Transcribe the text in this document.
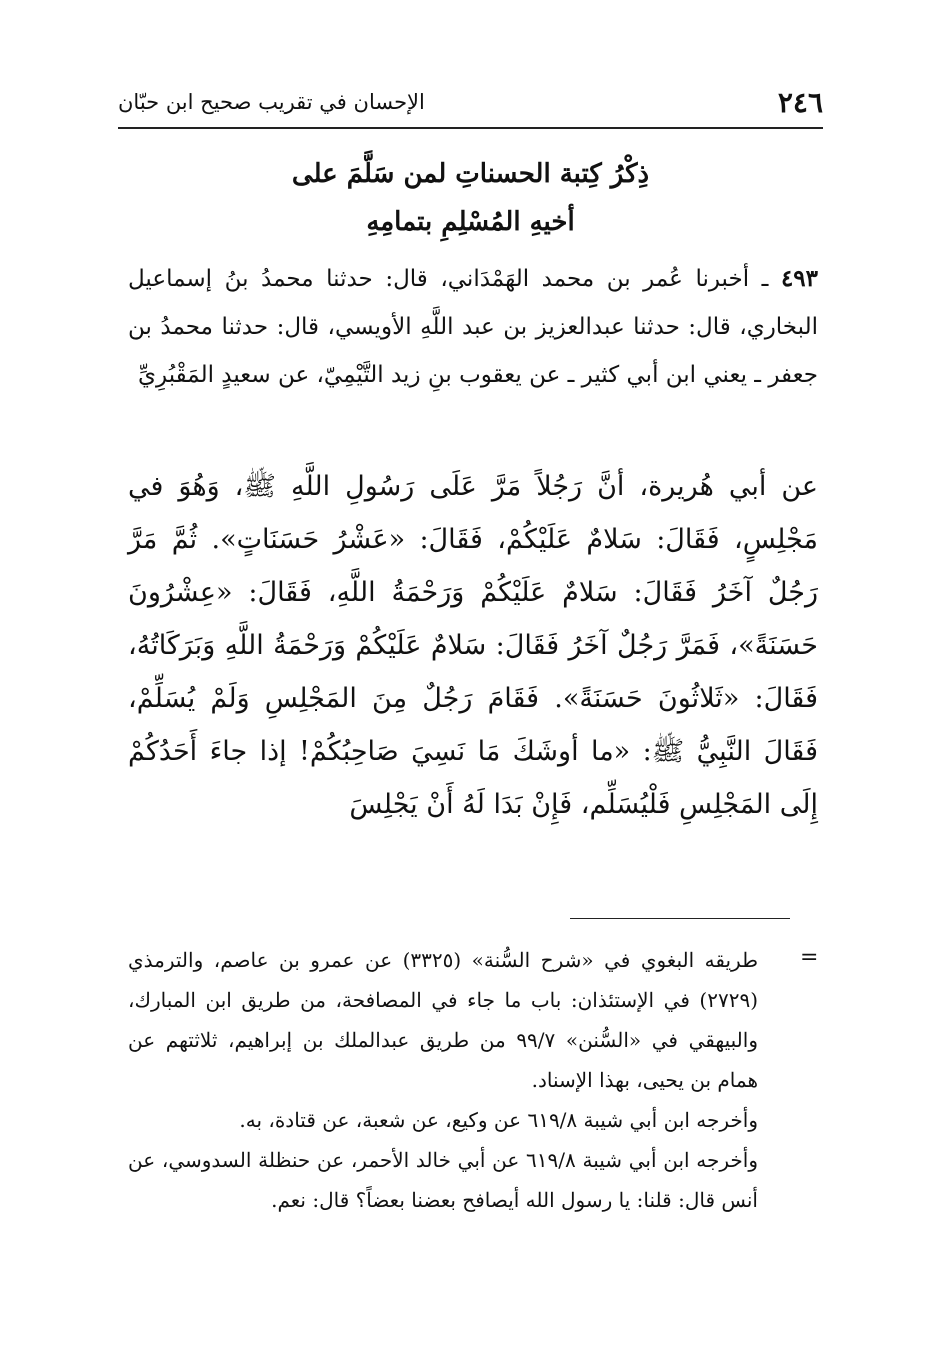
٢٤٦
الإحسان في تقريب صحيح ابن حبّان
ذِكْرُ كِتبة الحسناتِ لمن سَلَّمَ على
أخيهِ المُسْلِمِ بتمامِهِ
٤٩٣ ـ أخبرنا عُمر بن محمد الهَمْدَاني، قال: حدثنا محمدُ بنُ إسماعيل البخاري، قال: حدثنا عبدالعزيز بن عبد اللَّهِ الأويسي، قال: حدثنا محمدُ بن جعفر ـ يعني ابن أبي كثير ـ عن يعقوب بنِ زيد التَّيْمِيّ، عن سعيدٍ المَقْبُرِيِّ
عن أبي هُريرة، أنَّ رَجُلاً مَرَّ عَلَى رَسُولِ اللَّهِ ﷺ، وَهُوَ في مَجْلِسٍ، فَقَالَ: سَلامٌ عَلَيْكُمْ، فَقَالَ: «عَشْرُ حَسَنَاتٍ». ثُمَّ مَرَّ رَجُلٌ آخَرُ فَقَالَ: سَلامٌ عَلَيْكُمْ وَرَحْمَةُ اللَّهِ، فَقَالَ: «عِشْرُونَ حَسَنَةً»، فَمَرَّ رَجُلٌ آخَرُ فَقَالَ: سَلامٌ عَلَيْكُمْ وَرَحْمَةُ اللَّهِ وَبَرَكَاتُهُ، فَقَالَ: «ثَلاثُونَ حَسَنَةً». فَقَامَ رَجُلٌ مِنَ المَجْلِسِ وَلَمْ يُسَلِّمْ، فَقَالَ النَّبِيُّ ﷺ: «ما أوشَكَ مَا نَسِيَ صَاحِبُكُمْ! إذا جاءَ أَحَدُكُمْ إِلَى المَجْلِسِ فَلْيُسَلِّم، فَإِنْ بَدَا لَهُ أَنْ يَجْلِسَ
=

طريقه البغوي في «شرح السُّنة» (٣٣٢٥) عن عمرو بن عاصم، والترمذي (٢٧٢٩) في الإستئذان: باب ما جاء في المصافحة، من طريق ابن المبارك، والبيهقي في «السُّنن» ٩٩/٧ من طريق عبدالملك بن إبراهيم، ثلاثتهم عن همام بن يحيى، بهذا الإسناد.

وأخرجه ابن أبي شيبة ٦١٩/٨ عن وكيع، عن شعبة، عن قتادة، به.

وأخرجه ابن أبي شيبة ٦١٩/٨ عن أبي خالد الأحمر، عن حنظلة السدوسي، عن أنس قال: قلنا: يا رسول الله أيصافح بعضنا بعضاً؟ قال: نعم.
